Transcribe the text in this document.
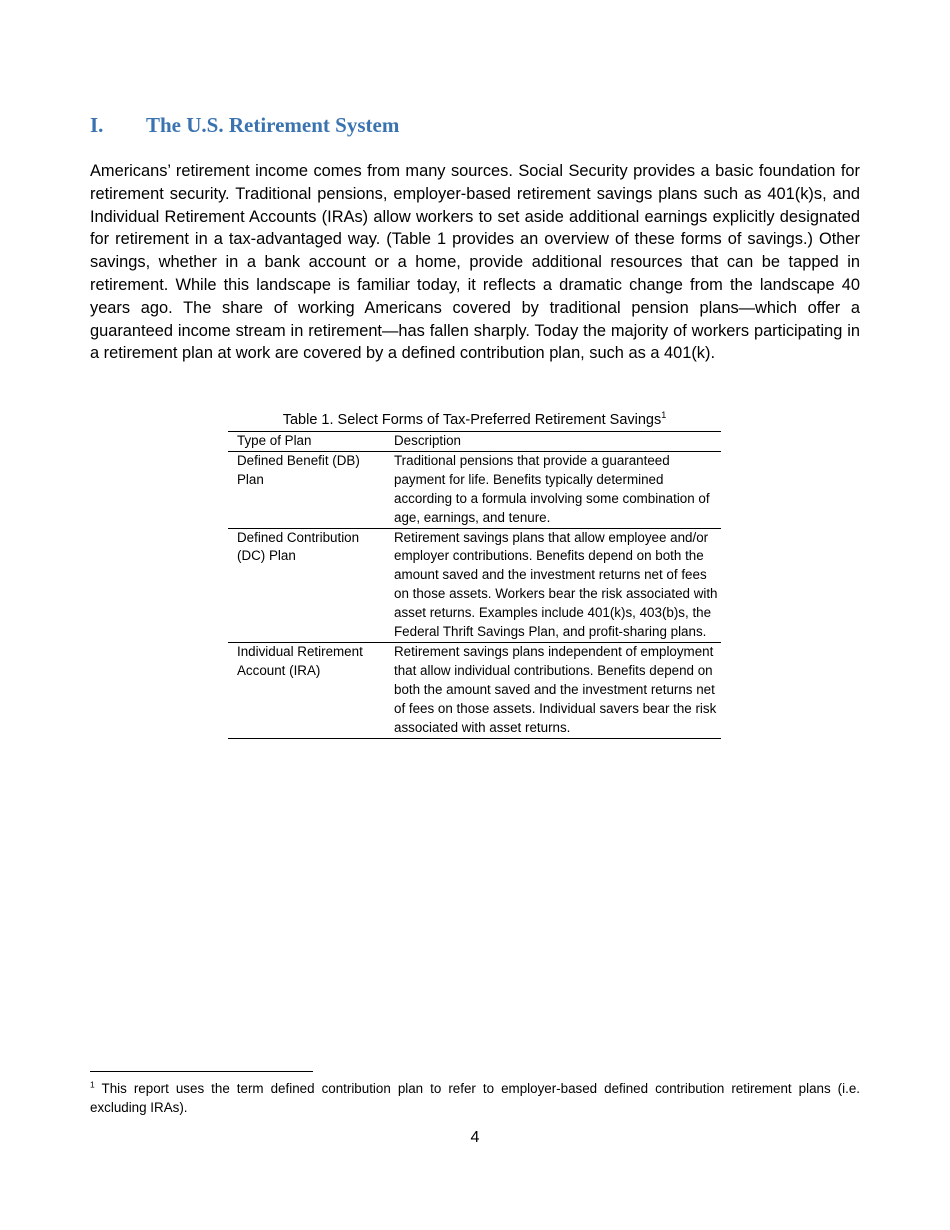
I. The U.S. Retirement System

Americans’ retirement income comes from many sources. Social Security provides a basic foundation for retirement security. Traditional pensions, employer-based retirement savings plans such as 401(k)s, and Individual Retirement Accounts (IRAs) allow workers to set aside additional earnings explicitly designated for retirement in a tax-advantaged way. (Table 1 provides an overview of these forms of savings.) Other savings, whether in a bank account or a home, provide additional resources that can be tapped in retirement. While this landscape is familiar today, it reflects a dramatic change from the landscape 40 years ago. The share of working Americans covered by traditional pension plans—which offer a guaranteed income stream in retirement—has fallen sharply. Today the majority of workers participating in a retirement plan at work are covered by a defined contribution plan, such as a 401(k).

Table 1. Select Forms of Tax-Preferred Retirement Savings$^1$
Type of Plan	Description
Defined Benefit (DB) Plan	Traditional pensions that provide a guaranteed payment for life. Benefits typically determined according to a formula involving some combination of age, earnings, and tenure.
Defined Contribution (DC) Plan	Retirement savings plans that allow employee and/or employer contributions. Benefits depend on both the amount saved and the investment returns net of fees on those assets. Workers bear the risk associated with asset returns. Examples include 401(k)s, 403(b)s, the Federal Thrift Savings Plan, and profit-sharing plans.
Individual Retirement Account (IRA)	Retirement savings plans independent of employment that allow individual contributions. Benefits depend on both the amount saved and the investment returns net of fees on those assets. Individual savers bear the risk associated with asset returns.

$^1$ This report uses the term defined contribution plan to refer to employer-based defined contribution retirement plans (i.e. excluding IRAs).

4
